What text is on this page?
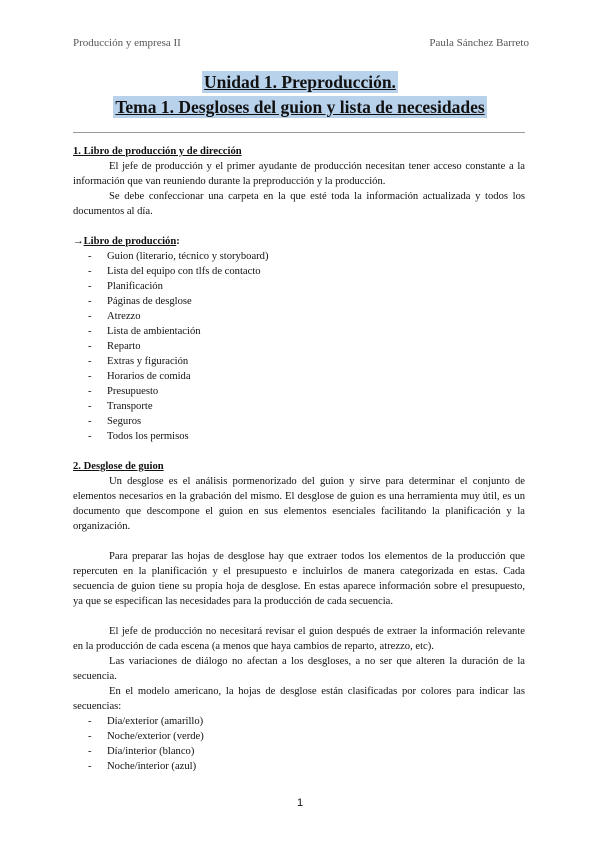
Producción y empresa II	Paula Sánchez Barreto
Unidad 1. Preproducción.
Tema 1. Desgloses del guion y lista de necesidades
1. Libro de producción y de dirección

El jefe de producción y el primer ayudante de producción necesitan tener acceso constante a la información que van reuniendo durante la preproducción y la producción.

Se debe confeccionar una carpeta en la que esté toda la información actualizada y todos los documentos al día.

→Libro de producción:
- Guion (literario, técnico y storyboard)
- Lista del equipo con tlfs de contacto
- Planificación
- Páginas de desglose
- Atrezzo
- Lista de ambientación
- Reparto
- Extras y figuración
- Horarios de comida
- Presupuesto
- Transporte
- Seguros
- Todos los permisos
2. Desglose de guion

Un desglose es el análisis pormenorizado del guion y sirve para determinar el conjunto de elementos necesarios en la grabación del mismo. El desglose de guion es una herramienta muy útil, es un documento que descompone el guion en sus elementos esenciales facilitando la planificación y la organización.

Para preparar las hojas de desglose hay que extraer todos los elementos de la producción que repercuten en la planificación y el presupuesto e incluirlos de manera categorizada en estas. Cada secuencia de guion tiene su propia hoja de desglose. En estas aparece información sobre el presupuesto, ya que se especifican las necesidades para la producción de cada secuencia.

El jefe de producción no necesitará revisar el guion después de extraer la información relevante en la producción de cada escena (a menos que haya cambios de reparto, atrezzo, etc).

Las variaciones de diálogo no afectan a los desgloses, a no ser que alteren la duración de la secuencia.

En el modelo americano, la hojas de desglose están clasificadas por colores para indicar las secuencias:

- Día/exterior (amarillo)
- Noche/exterior (verde)
- Día/interior (blanco)
- Noche/interior (azul)
1
